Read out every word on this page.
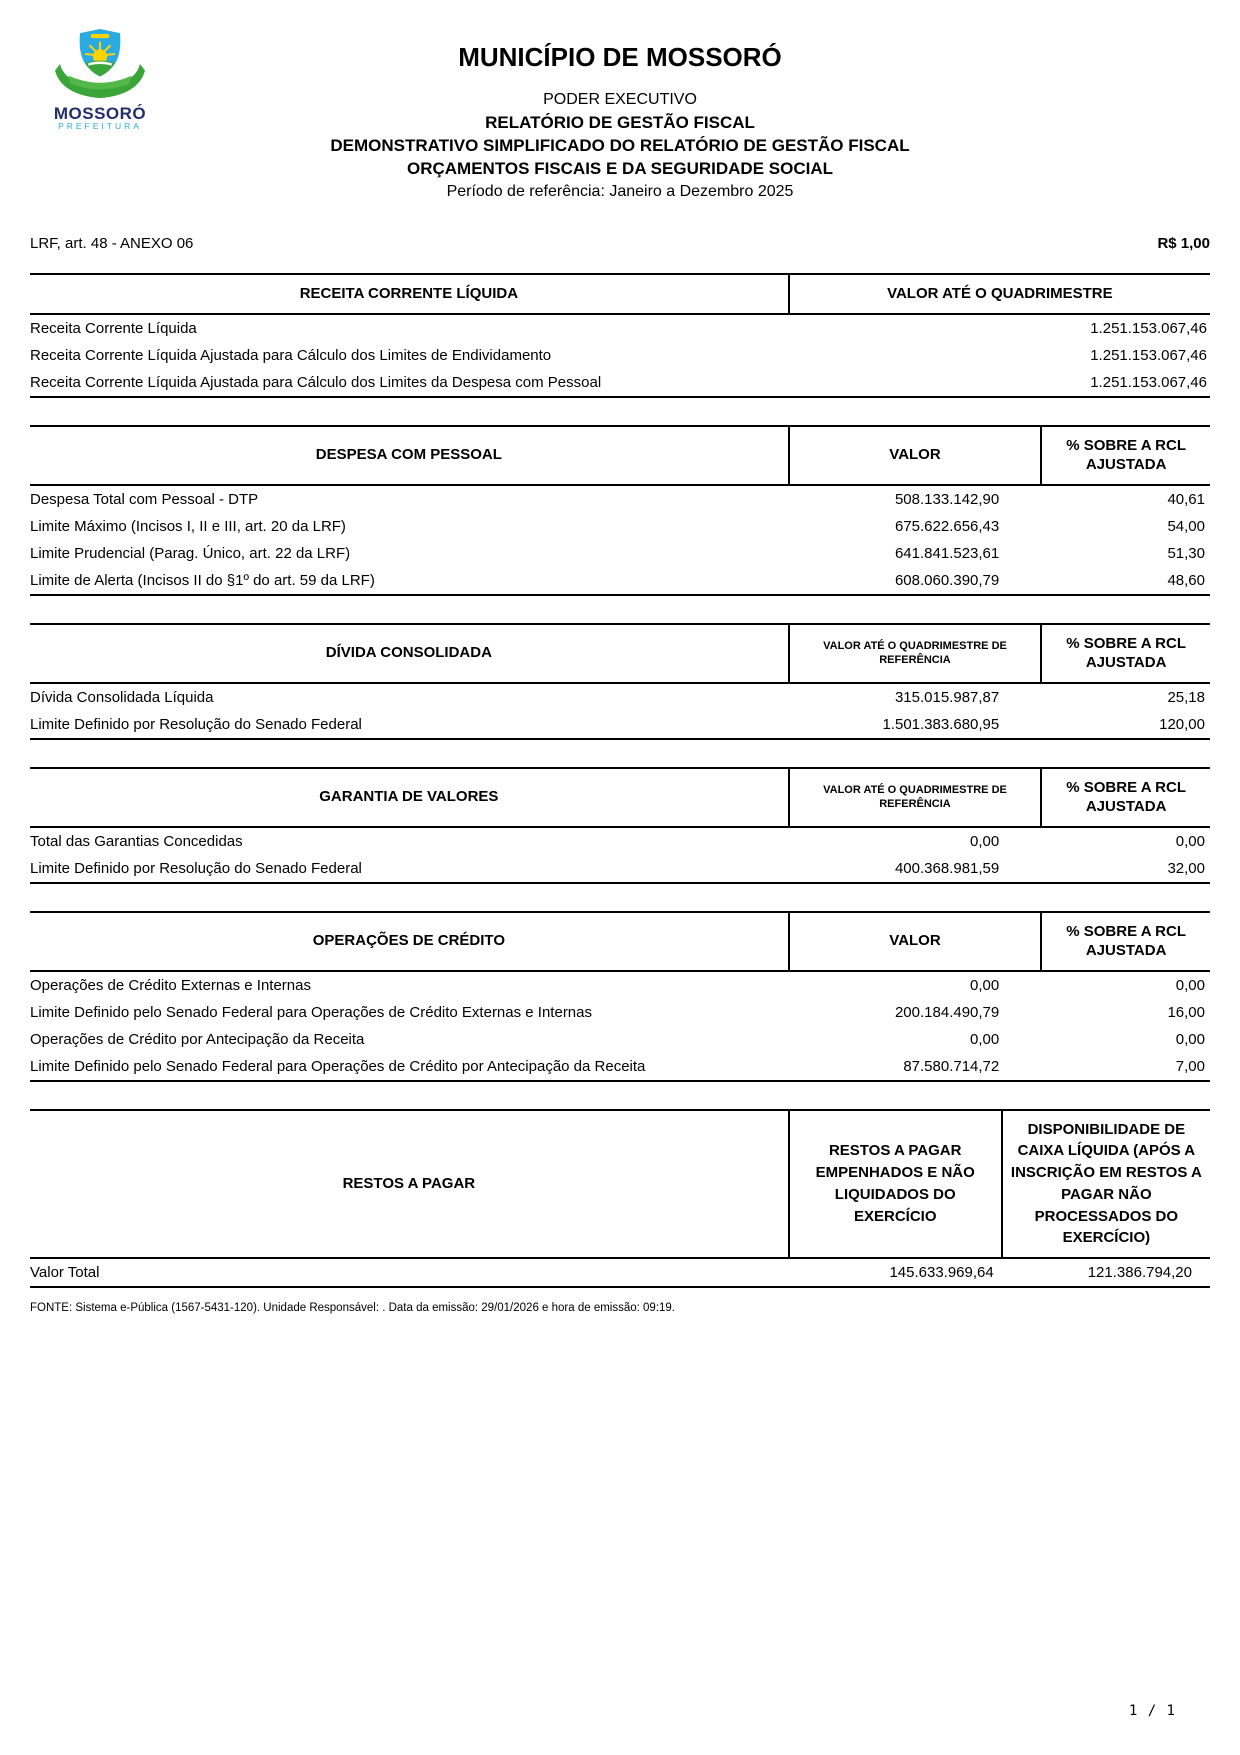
MOSSORÓ
PREFEITURA
MUNICÍPIO DE MOSSORÓ
PODER EXECUTIVO
RELATÓRIO DE GESTÃO FISCAL
DEMONSTRATIVO SIMPLIFICADO DO RELATÓRIO DE GESTÃO FISCAL
ORÇAMENTOS FISCAIS E DA SEGURIDADE SOCIAL
Período de referência: Janeiro a Dezembro 2025
LRF, art. 48 - ANEXO 06	R$ 1,00
RECEITA CORRENTE LÍQUIDA	VALOR ATÉ O QUADRIMESTRE
Receita Corrente Líquida	1.251.153.067,46
Receita Corrente Líquida Ajustada para Cálculo dos Limites de Endividamento	1.251.153.067,46
Receita Corrente Líquida Ajustada para Cálculo dos Limites da Despesa com Pessoal	1.251.153.067,46
DESPESA COM PESSOAL	VALOR	% SOBRE A RCL AJUSTADA
Despesa Total com Pessoal - DTP	508.133.142,90	40,61
Limite Máximo (Incisos I, II e III, art. 20 da LRF)	675.622.656,43	54,00
Limite Prudencial (Parag. Único, art. 22 da LRF)	641.841.523,61	51,30
Limite de Alerta (Incisos II do §1º do art. 59 da LRF)	608.060.390,79	48,60
DÍVIDA CONSOLIDADA	VALOR ATÉ O QUADRIMESTRE DE REFERÊNCIA	% SOBRE A RCL AJUSTADA
Dívida Consolidada Líquida	315.015.987,87	25,18
Limite Definido por Resolução do Senado Federal	1.501.383.680,95	120,00
GARANTIA DE VALORES	VALOR ATÉ O QUADRIMESTRE DE REFERÊNCIA	% SOBRE A RCL AJUSTADA
Total das Garantias Concedidas	0,00	0,00
Limite Definido por Resolução do Senado Federal	400.368.981,59	32,00
OPERAÇÕES DE CRÉDITO	VALOR	% SOBRE A RCL AJUSTADA
Operações de Crédito Externas e Internas	0,00	0,00
Limite Definido pelo Senado Federal para Operações de Crédito Externas e Internas	200.184.490,79	16,00
Operações de Crédito por Antecipação da Receita	0,00	0,00
Limite Definido pelo Senado Federal para Operações de Crédito por Antecipação da Receita	87.580.714,72	7,00
RESTOS A PAGAR	RESTOS A PAGAR EMPENHADOS E NÃO LIQUIDADOS DO EXERCÍCIO	DISPONIBILIDADE DE CAIXA LÍQUIDA (APÓS A INSCRIÇÃO EM RESTOS A PAGAR NÃO PROCESSADOS DO EXERCÍCIO)
Valor Total	145.633.969,64	121.386.794,20
FONTE: Sistema e-Pública (1567-5431-120). Unidade Responsável: . Data da emissão: 29/01/2026 e hora de emissão: 09:19.
1 / 1
